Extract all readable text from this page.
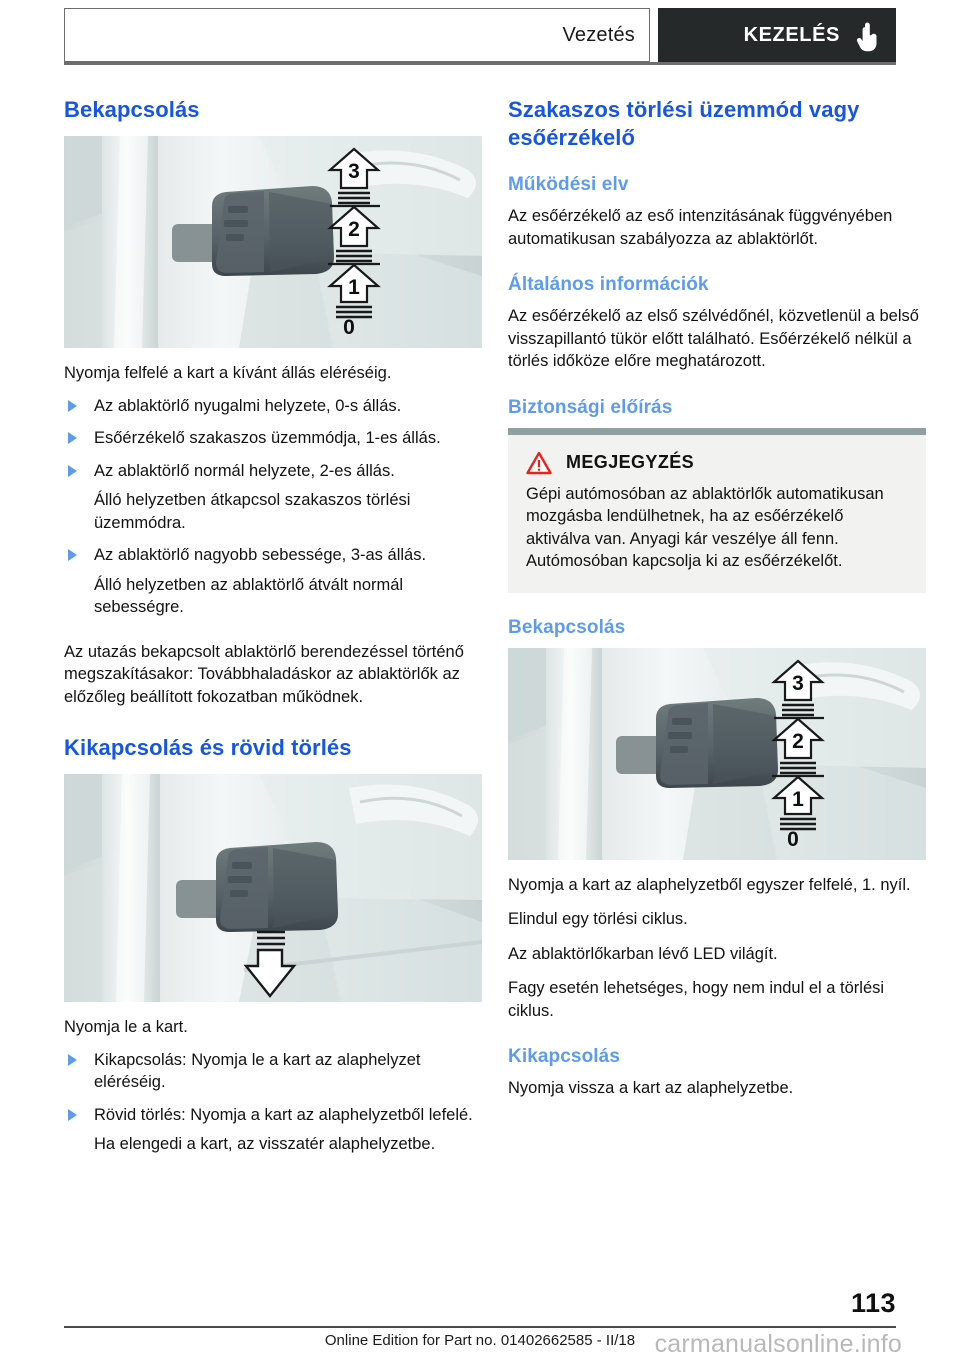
Vezetés	KEZELÉS
Bekapcsolás
3
2
1
0

Nyomja felfelé a kart a kívánt állás eléréséig.

Az ablaktörlő nyugalmi helyzete, 0-s állás.
Esőérzékelő szakaszos üzemmódja, 1-es állás.
Az ablaktörlő normál helyzete, 2-es állás.
Álló helyzetben átkapcsol szakaszos törlési üzemmódra.
Az ablaktörlő nagyobb sebessége, 3-as állás.
Álló helyzetben az ablaktörlő átvált normál sebességre.

Az utazás bekapcsolt ablaktörlő berendezéssel történő megszakításakor: Továbbhaladáskor az ablaktörlők az előzőleg beállított fokozatban működnek.

Kikapcsolás és rövid törlés

Nyomja le a kart.

Kikapcsolás: Nyomja le a kart az alaphelyzet eléréséig.
Rövid törlés: Nyomja a kart az alaphelyzetből lefelé.
Ha elengedi a kart, az visszatér alaphelyzetbe.
Szakaszos törlési üzemmód vagy esőérzékelő
Működési elv

Az esőérzékelő az eső intenzitásának függvényében automatikusan szabályozza az ablaktörlőt.

Általános információk

Az esőérzékelő az első szélvédőnél, közvetlenül a belső visszapillantó tükör előtt található. Esőérzékelő nélkül a törlés időköze előre meghatározott.

Biztonsági előírás
MEGJEGYZÉS
Gépi autómosóban az ablaktörlők automatikusan mozgásba lendülhetnek, ha az esőérzékelő aktiválva van. Anyagi kár veszélye áll fenn. Autómosóban kapcsolja ki az esőérzékelőt.
Bekapcsolás
3
2
1
0

Nyomja a kart az alaphelyzetből egyszer felfelé, 1. nyíl.

Elindul egy törlési ciklus.

Az ablaktörlőkarban lévő LED világít.

Fagy esetén lehetséges, hogy nem indul el a törlési ciklus.

Kikapcsolás

Nyomja vissza a kart az alaphelyzetbe.

113
Online Edition for Part no. 01402662585 - II/18 carmanualsonline.info
